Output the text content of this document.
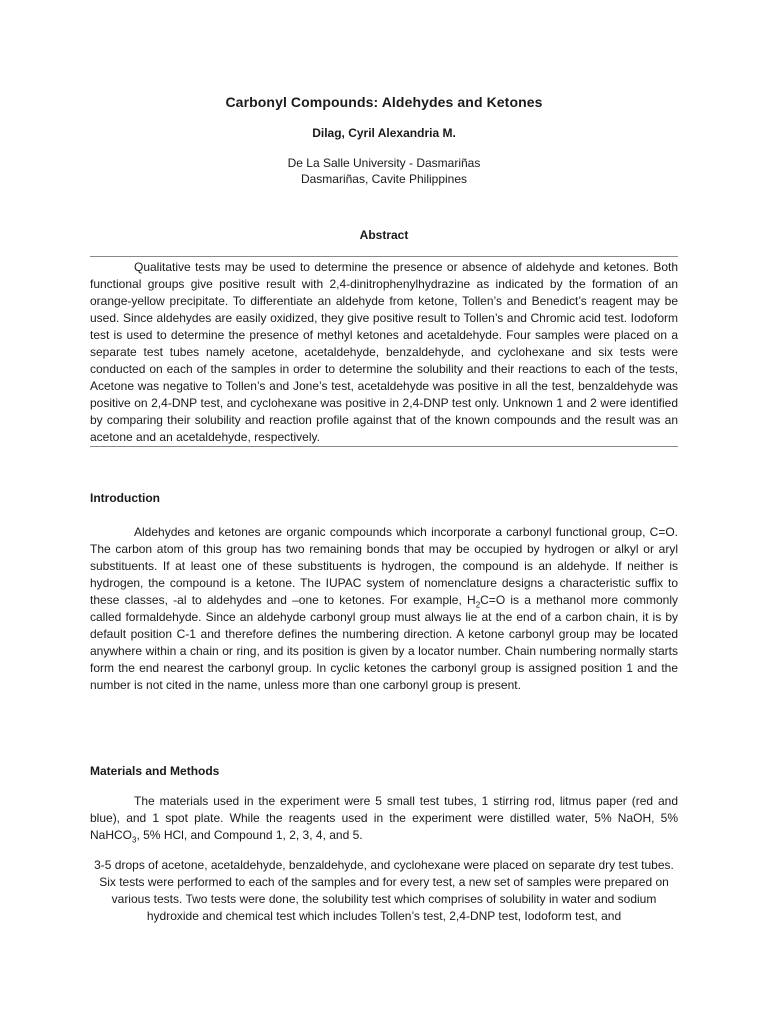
Carbonyl Compounds: Aldehydes and Ketones
Dilag, Cyril Alexandria M.
De La Salle University - Dasmariñas
Dasmariñas, Cavite Philippines
Abstract

Qualitative tests may be used to determine the presence or absence of aldehyde and ketones. Both functional groups give positive result with 2,4-dinitrophenylhydrazine as indicated by the formation of an orange-yellow precipitate. To differentiate an aldehyde from ketone, Tollen’s and Benedict’s reagent may be used. Since aldehydes are easily oxidized, they give positive result to Tollen’s and Chromic acid test. Iodoform test is used to determine the presence of methyl ketones and acetaldehyde. Four samples were placed on a separate test tubes namely acetone, acetaldehyde, benzaldehyde, and cyclohexane and six tests were conducted on each of the samples in order to determine the solubility and their reactions to each of the tests, Acetone was negative to Tollen’s and Jone’s test, acetaldehyde was positive in all the test, benzaldehyde was positive on 2,4-DNP test, and cyclohexane was positive in 2,4-DNP test only. Unknown 1 and 2 were identified by comparing their solubility and reaction profile against that of the known compounds and the result was an acetone and an acetaldehyde, respectively.

Introduction

Aldehydes and ketones are organic compounds which incorporate a carbonyl functional group, C=O. The carbon atom of this group has two remaining bonds that may be occupied by hydrogen or alkyl or aryl substituents. If at least one of these substituents is hydrogen, the compound is an aldehyde. If neither is hydrogen, the compound is a ketone. The IUPAC system of nomenclature designs a characteristic suffix to these classes, -al to aldehydes and –one to ketones. For example, $H_2C=O$ is a methanol more commonly called formaldehyde. Since an aldehyde carbonyl group must always lie at the end of a carbon chain, it is by default position C-1 and therefore defines the numbering direction. A ketone carbonyl group may be located anywhere within a chain or ring, and its position is given by a locator number. Chain numbering normally starts form the end nearest the carbonyl group. In cyclic ketones the carbonyl group is assigned position 1 and the number is not cited in the name, unless more than one carbonyl group is present.

Materials and Methods

The materials used in the experiment were 5 small test tubes, 1 stirring rod, litmus paper (red and blue), and 1 spot plate. While the reagents used in the experiment were distilled water, 5% NaOH, 5% NaHCO$_3$, 5% HCl, and Compound 1, 2, 3, 4, and 5.

3-5 drops of acetone, acetaldehyde, benzaldehyde, and cyclohexane were placed on separate dry test tubes. Six tests were performed to each of the samples and for every test, a new set of samples were prepared on various tests. Two tests were done, the solubility test which comprises of solubility in water and sodium hydroxide and chemical test which includes Tollen’s test, 2,4-DNP test, Iodoform test, and
